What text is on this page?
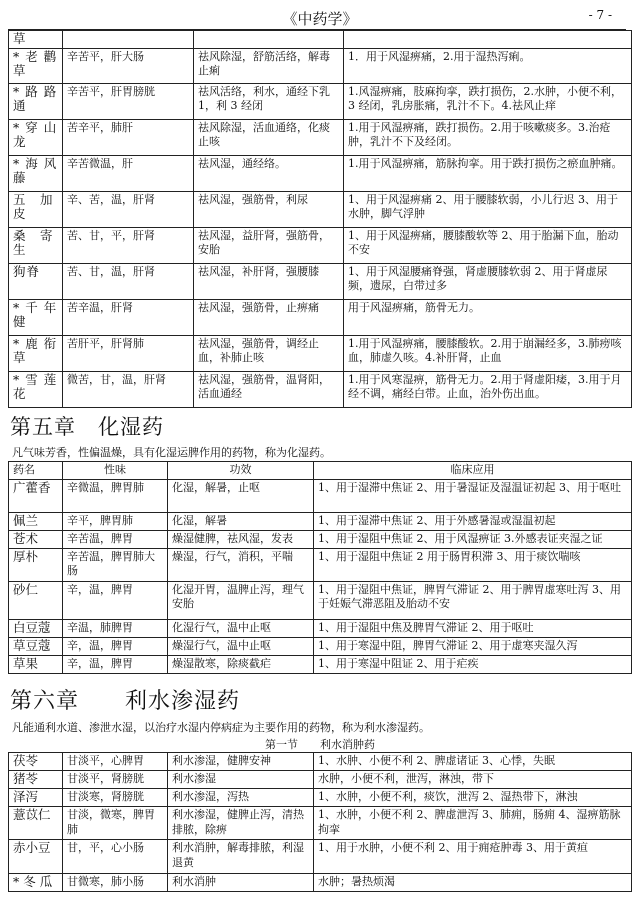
《中药学》	- 7 -
草			
* 老 鹳 草	辛苦平，肝大肠	祛风除湿，舒筋活络，解毒止痢	1．用于风湿痹痛，2.用于湿热泻痢。
* 路 路 通	辛苦平，肝胃膀胱	祛风活络，利水，通经下乳 1，利 3 经闭	1.风湿痹痛，肢麻拘挛，跌打损伤，2.水肿，小便不利，3 经闭，乳房胀痛，乳汁不下。4.祛风止痒
* 穿 山 龙	苦辛平，肺肝	祛风除湿，活血通络，化痰止咳	1.用于风湿痹痛，跌打损伤。2.用于咳嗽痰多。3.治疮肿，乳汁不下及经闭。
* 海 风 藤	辛苦微温，肝	祛风湿，通经络。	1.用于风湿痹痛，筋脉拘挛。用于跌打损伤之瘀血肿痛。
五　加 皮	辛、苦，温，肝肾	祛风湿，强筋骨，利尿	1、用于风湿痹痛 2、用于腰膝软弱，小儿行迟 3、用于水肿，脚气浮肿
桑　寄 生	苦、甘，平，肝肾	祛风湿，益肝肾，强筋骨，安胎	1、用于风湿痹痛，腰膝酸软等 2、用于胎漏下血，胎动不安
狗脊	苦、甘，温，肝肾	祛风湿，补肝肾，强腰膝	1、用于风湿腰痛脊强，肾虚腰膝软弱 2、用于肾虚尿频，遗尿，白带过多
* 千 年 健	苦辛温，肝肾	祛风湿，强筋骨，止痹痛	用于风湿痹痛，筋骨无力。
* 鹿 衔 草	苦肝平，肝肾肺	祛风湿，强筋骨，调经止血，补肺止咳	1.用于风湿痹痛，腰膝酸软。2.用于崩漏经多，3.肺痨咳血，肺虚久咳。4.补肝肾，止血
* 雪 莲 花	微苦，甘，温，肝肾	祛风湿，强筋骨，温肾阳，活血通经	1.用于风寒湿痹，筋骨无力。2.用于肾虚阳痿，3.用于月经不调，痛经白带。止血，治外伤出血。
第五章　化湿药
凡气味芳香，性偏温燥，具有化湿运脾作用的药物，称为化湿药。
药名	性味	功效	临床应用
广藿香	辛微温，脾胃肺	化湿，解暑，止呕	1、用于湿滞中焦证 2、用于暑湿证及湿温证初起 3、用于呕吐
佩兰	辛平，脾胃肺	化湿，解暑	1、用于湿滞中焦证 2、用于外感暑湿或湿温初起
苍术	辛苦温，脾胃	燥湿健脾，祛风湿，发表	1、用于湿阻中焦证 2、用于风湿痹证 3.外感表证夹湿之证
厚朴	辛苦温，脾胃肺大肠	燥湿，行气，消积，平喘	1、用于湿阻中焦证 2 用于肠胃积滞 3、用于痰饮喘咳
砂仁	辛，温，脾胃	化湿开胃，温脾止泻，理气安胎	1、用于湿阻中焦证，脾胃气滞证 2、用于脾胃虚寒吐泻 3、用于妊娠气滞恶阻及胎动不安
白豆蔻	辛温，肺脾胃	化湿行气，温中止呕	1、用于湿阻中焦及脾胃气滞证 2、用于呕吐
草豆蔻	辛，温，脾胃	燥湿行气，温中止呕	1、用于寒湿中阻，脾胃气滞证 2、用于虚寒夹湿久泻
草果	辛，温，脾胃	燥湿散寒，除痰截疟	1、用于寒湿中阻证 2、用于疟疾
第六章　　利水渗湿药
凡能通利水道、渗泄水湿，以治疗水湿内停病症为主要作用的药物，称为利水渗湿药。
第一节　　利水消肿药
茯苓	甘淡平，心脾胃	利水渗湿，健脾安神	1、水肿、小便不利 2、脾虚诸证 3、心悸，失眠
猪苓	甘淡平，肾膀胱	利水渗湿	水肿，小便不利，泄泻，淋浊，带下
泽泻	甘淡寒，肾膀胱	利水渗湿，泻热	1、水肿，小便不利，痰饮，泄泻 2、湿热带下，淋浊
薏苡仁	甘淡，微寒，脾胃肺	利水渗湿，健脾止泻，清热排脓，除痹	1、水肿，小便不利 2、脾虚泄泻 3、肺痈，肠痈 4、湿痹筋脉拘挛
赤小豆	甘，平，心小肠	利水消肿，解毒排脓，利湿退黄	1、用于水肿，小便不利 2、用于痈疮肿毒 3、用于黄疸
* 冬 瓜	甘微寒，肺小肠	利水消肿	水肿；暑热烦渴
